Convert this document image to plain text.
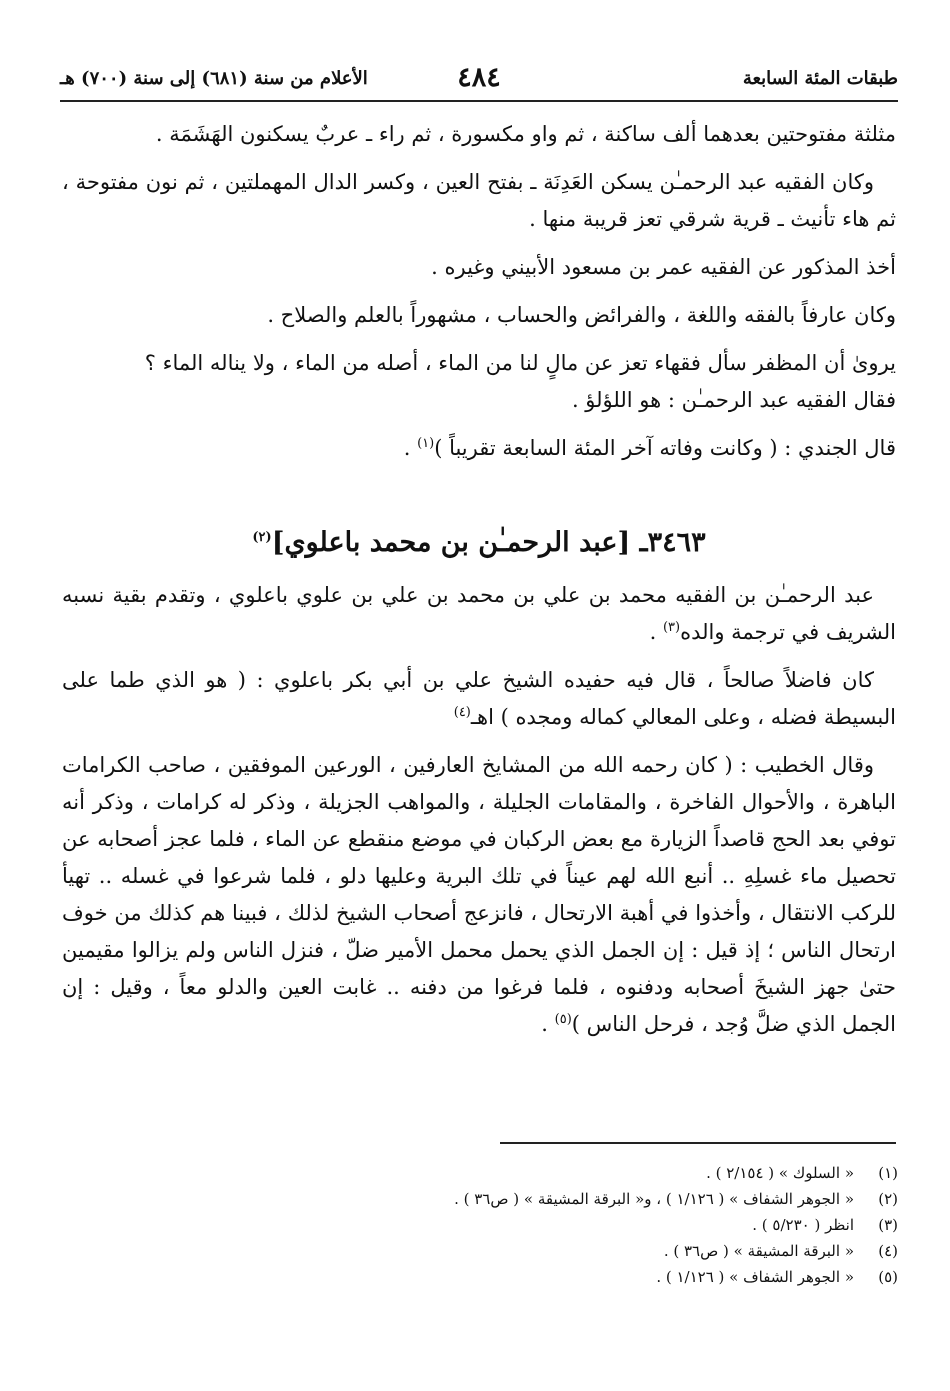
طبقات المئة السابعة
٤٨٤
الأعلام من سنة (٦٨١) إلى سنة (٧٠٠) هـ

مثلثة مفتوحتين بعدهما ألف ساكنة ، ثم واو مكسورة ، ثم راء ـ عربٌ يسكنون الهَشَمَة .

وكان الفقيه عبد الرحمـٰن يسكن العَدِنَة ـ بفتح العين ، وكسر الدال المهملتين ، ثم نون مفتوحة ، ثم هاء تأنيث ـ قرية شرقي تعز قريبة منها .

أخذ المذكور عن الفقيه عمر بن مسعود الأبيني وغيره .

وكان عارفاً بالفقه واللغة ، والفرائض والحساب ، مشهوراً بالعلم والصلاح .

يروىٰ أن المظفر سأل فقهاء تعز عن مالٍ لنا من الماء ، أصله من الماء ، ولا يناله الماء ؟

فقال الفقيه عبد الرحمـٰن : هو اللؤلؤ .

قال الجندي : ( وكانت وفاته آخر المئة السابعة تقريباً )$^{(١)}$ .

٣٤٦٣ـ [عبد الرحمـٰن بن محمد باعلوي]$^{(٢)}$

عبد الرحمـٰن بن الفقيه محمد بن علي بن محمد بن علي بن علوي باعلوي ، وتقدم بقية نسبه الشريف في ترجمة والده$^{(٣)}$ .

كان فاضلاً صالحاً ، قال فيه حفيده الشيخ علي بن أبي بكر باعلوي : ( هو الذي طما على البسيطة فضله ، وعلى المعالي كماله ومجده ) اهـ$^{(٤)}$

وقال الخطيب : ( كان رحمه الله من المشايخ العارفين ، الورعين الموفقين ، صاحب الكرامات الباهرة ، والأحوال الفاخرة ، والمقامات الجليلة ، والمواهب الجزيلة ، وذكر له كرامات ، وذكر أنه توفي بعد الحج قاصداً الزيارة مع بعض الركبان في موضع منقطع عن الماء ، فلما عجز أصحابه عن تحصيل ماء غسلِهِ .. أنبع الله لهم عيناً في تلك البرية وعليها دلو ، فلما شرعوا في غسله .. تهيأ للركب الانتقال ، وأخذوا في أهبة الارتحال ، فانزعج أصحاب الشيخ لذلك ، فبينا هم كذلك من خوف ارتحال الناس ؛ إذ قيل : إن الجمل الذي يحمل محمل الأمير ضلّ ، فنزل الناس ولم يزالوا مقيمين حتىٰ جهز الشيخَ أصحابه ودفنوه ، فلما فرغوا من دفنه .. غابت العين والدلو معاً ، وقيل : إن الجمل الذي ضلَّ وُجد ، فرحل الناس )$^{(٥)}$ .

(١)« السلوك » ( ٢/١٥٤ ) .
(٢)« الجوهر الشفاف » ( ١/١٢٦ ) ، و« البرقة المشيقة » ( ص٣٦ ) .
(٣)انظر ( ٥/٢٣٠ ) .
(٤)« البرقة المشيقة » ( ص٣٦ ) .
(٥)« الجوهر الشفاف » ( ١/١٢٦ ) .
